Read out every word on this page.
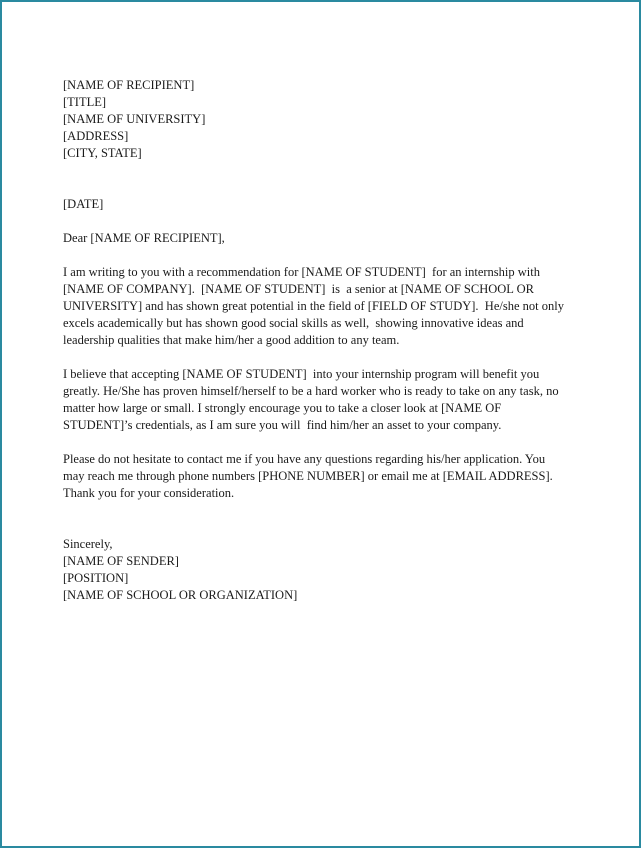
[NAME OF RECIPIENT]
[TITLE]
[NAME OF UNIVERSITY]
[ADDRESS]
[CITY, STATE]
[DATE]
Dear [NAME OF RECIPIENT],
I am writing to you with a recommendation for [NAME OF STUDENT]  for an internship with
[NAME OF COMPANY].  [NAME OF STUDENT]  is  a senior at [NAME OF SCHOOL OR
UNIVERSITY] and has shown great potential in the field of [FIELD OF STUDY].  He/she not only
excels academically but has shown good social skills as well,  showing innovative ideas and
leadership qualities that make him/her a good addition to any team.
I believe that accepting [NAME OF STUDENT]  into your internship program will benefit you
greatly. He/She has proven himself/herself to be a hard worker who is ready to take on any task, no
matter how large or small. I strongly encourage you to take a closer look at [NAME OF
STUDENT]’s credentials, as I am sure you will  find him/her an asset to your company.
Please do not hesitate to contact me if you have any questions regarding his/her application. You
may reach me through phone numbers [PHONE NUMBER] or email me at [EMAIL ADDRESS].
Thank you for your consideration.
Sincerely,
[NAME OF SENDER]
[POSITION]
[NAME OF SCHOOL OR ORGANIZATION]
